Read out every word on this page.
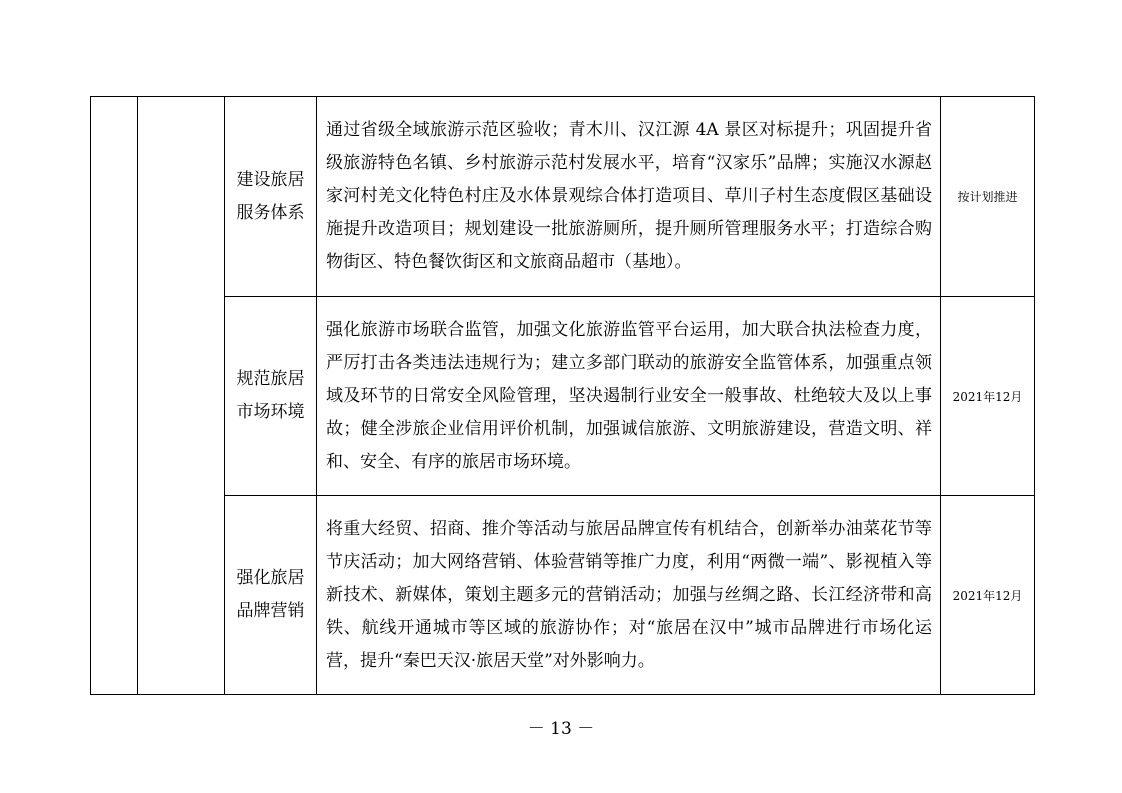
		建设旅居
服务体系	通过省级全域旅游示范区验收；青木川、汉江源 4A 景区对标提升；巩固提升省级旅游特色名镇、乡村旅游示范村发展水平，培育“汉家乐”品牌；实施汉水源赵家河村羌文化特色村庄及水体景观综合体打造项目、草川子村生态度假区基础设施提升改造项目；规划建设一批旅游厕所，提升厕所管理服务水平；打造综合购物街区、特色餐饮街区和文旅商品超市（基地）。	按计划推进

		规范旅居
市场环境	强化旅游市场联合监管，加强文化旅游监管平台运用，加大联合执法检查力度，严厉打击各类违法违规行为；建立多部门联动的旅游安全监管体系，加强重点领域及环节的日常安全风险管理，坚决遏制行业安全一般事故、杜绝较大及以上事故；健全涉旅企业信用评价机制，加强诚信旅游、文明旅游建设，营造文明、祥和、安全、有序的旅居市场环境。	2021年12月

		强化旅居
品牌营销	将重大经贸、招商、推介等活动与旅居品牌宣传有机结合，创新举办油菜花节等节庆活动；加大网络营销、体验营销等推广力度，利用“两微一端”、影视植入等新技术、新媒体，策划主题多元的营销活动；加强与丝绸之路、长江经济带和高铁、航线开通城市等区域的旅游协作；对“旅居在汉中”城市品牌进行市场化运营，提升“秦巴天汉·旅居天堂”对外影响力。	2021年12月
－ 13 －
